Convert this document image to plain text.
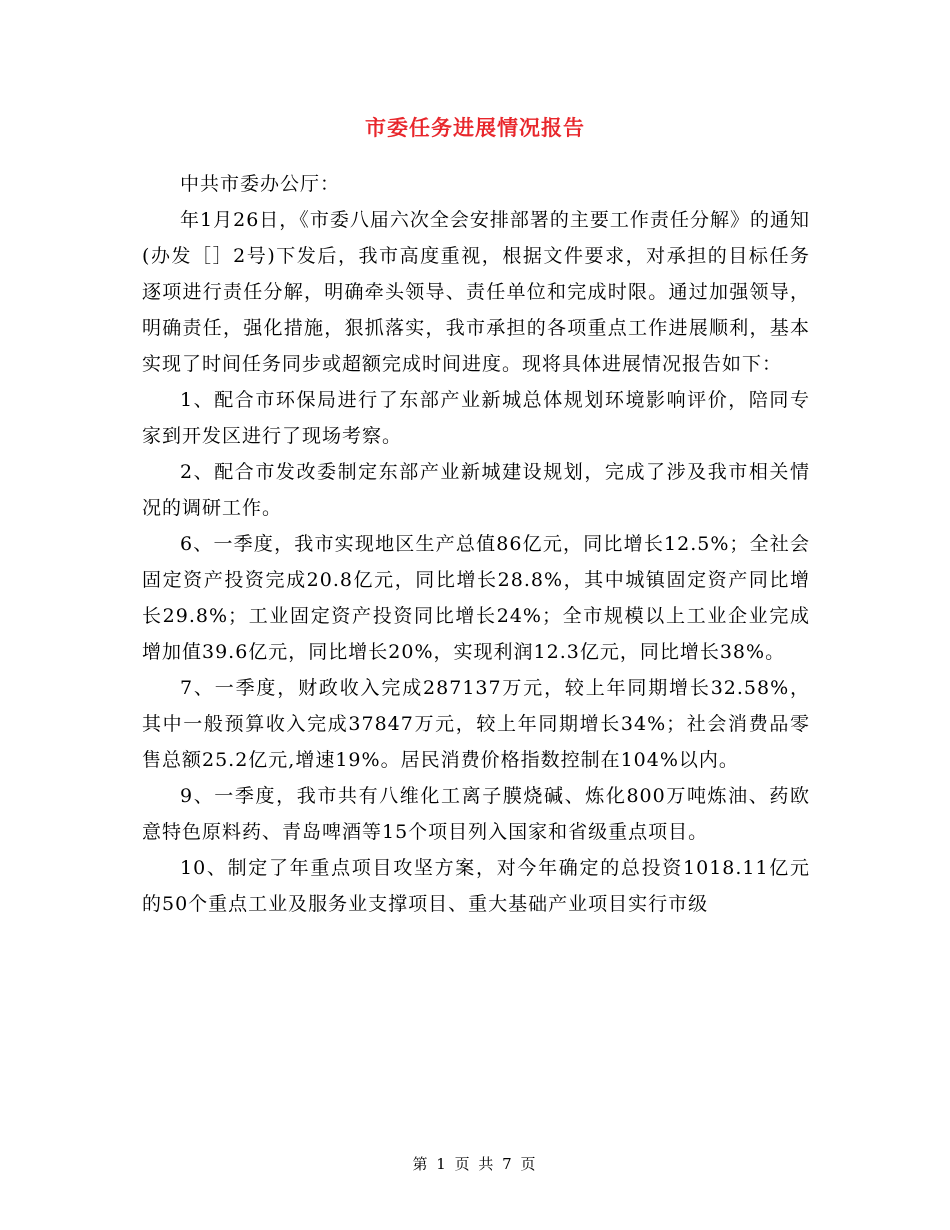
市委任务进展情况报告

中共市委办公厅：

年1月26日，《市委八届六次全会安排部署的主要工作责任分解》的通知(办发［］2号)下发后，我市高度重视，根据文件要求，对承担的目标任务逐项进行责任分解，明确牵头领导、责任单位和完成时限。通过加强领导，明确责任，强化措施，狠抓落实，我市承担的各项重点工作进展顺利，基本实现了时间任务同步或超额完成时间进度。现将具体进展情况报告如下：

1、配合市环保局进行了东部产业新城总体规划环境影响评价，陪同专家到开发区进行了现场考察。

2、配合市发改委制定东部产业新城建设规划，完成了涉及我市相关情况的调研工作。

6、一季度，我市实现地区生产总值86亿元，同比增长12.5%；全社会固定资产投资完成20.8亿元，同比增长28.8%，其中城镇固定资产同比增长29.8%；工业固定资产投资同比增长24%；全市规模以上工业企业完成增加值39.6亿元，同比增长20%，实现利润12.3亿元，同比增长38%。

7、一季度，财政收入完成287137万元，较上年同期增长32.58%，其中一般预算收入完成37847万元，较上年同期增长34%；社会消费品零售总额25.2亿元,增速19%。居民消费价格指数控制在104%以内。

9、一季度，我市共有八维化工离子膜烧碱、炼化800万吨炼油、药欧意特色原料药、青岛啤酒等15个项目列入国家和省级重点项目。

10、制定了年重点项目攻坚方案，对今年确定的总投资1018.11亿元的50个重点工业及服务业支撑项目、重大基础产业项目实行市级

第 1 页 共 7 页
